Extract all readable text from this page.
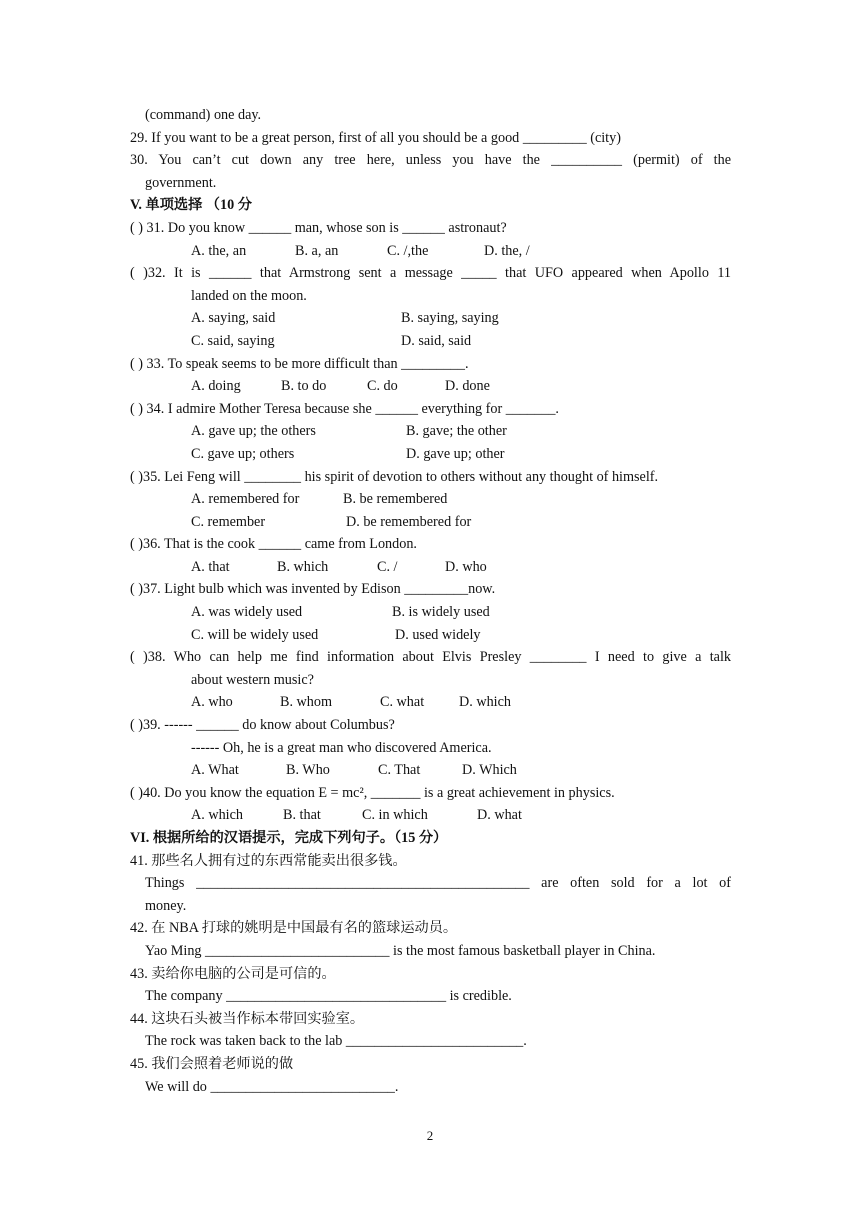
(command) one day.
29. If you want to be a great person, first of all you should be a good _________ (city)
30. You can’t cut down any tree here, unless you have the __________ (permit) of the
government.
V. 单项选择 （10 分
( ) 31. Do you know ______ man, whose son is ______ astronaut?
A. the, an	B. a, an	C. /,the	D. the, /
( )32. It is ______ that Armstrong sent a message _____ that UFO appeared when Apollo 11
landed on the moon.
A. saying, said	B. saying, saying
C. said, saying	D. said, said
( ) 33. To speak seems to be more difficult than _________.
A. doing	B. to do	C. do	D. done
( ) 34. I admire Mother Teresa because she ______ everything for _______.
A. gave up; the others	B. gave; the other
C. gave up; others	D. gave up; other
( )35. Lei Feng will ________ his spirit of devotion to others without any thought of himself.
A. remembered for	B. be remembered
C. remember	D. be remembered for
( )36. That is the cook ______ came from London.
A. that	B. which	C. /	D. who
( )37. Light bulb which was invented by Edison _________now.
A. was widely used	B. is widely used
C. will be widely used	D. used widely
( )38. Who can help me find information about Elvis Presley ________ I need to give a talk
about western music?
A. who	B. whom	C. what D. which
( )39. ------ ______ do know about Columbus?
------ Oh, he is a great man who discovered America.
A. What	B. Who	C. That	D. Which
( )40. Do you know the equation E = mc², _______ is a great achievement in physics.
A. which	B. that	C. in which	D. what
VI. 根据所给的汉语提示，完成下列句子。（15 分）
41. 那些名人拥有过的东西常能卖出很多钱。
Things _______________________________________________ are often sold for a lot of
money.
42. 在 NBA 打球的姚明是中国最有名的篮球运动员。
Yao Ming __________________________ is the most famous basketball player in China.
43. 卖给你电脑的公司是可信的。
The company _______________________________ is credible.
44. 这块石头被当作标本带回实验室。
The rock was taken back to the lab _________________________.
45. 我们会照着老师说的做
We will do __________________________.
2
